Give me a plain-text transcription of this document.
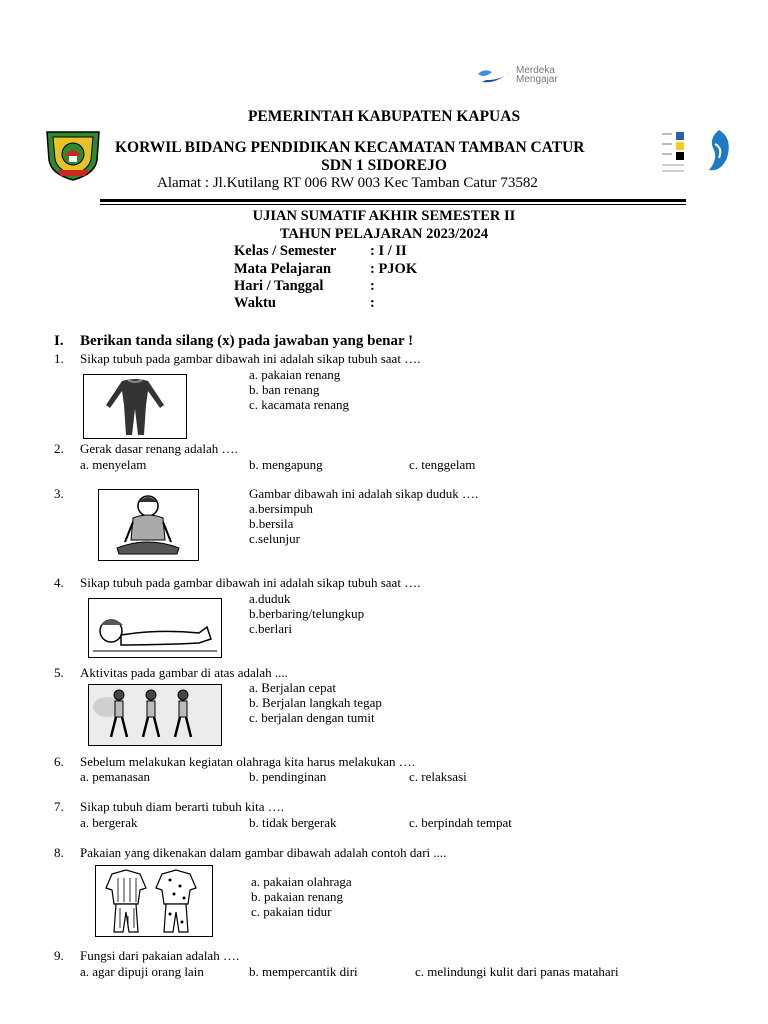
Merdeka
Mengajar
PEMERINTAH KABUPATEN KAPUAS
KORWIL BIDANG PENDIDIKAN KECAMATAN TAMBAN CATUR
SDN 1 SIDOREJO
Alamat : Jl.Kutilang RT 006 RW 003 Kec Tamban Catur 73582
UJIAN SUMATIF AKHIR SEMESTER II
TAHUN PELAJARAN 2023/2024
Kelas / Semester : I / II
Mata Pelajaran	: PJOK
Hari / Tanggal	:
Waktu	:
I. Berikan tanda silang (x) pada jawaban yang benar !
1. Sikap tubuh pada gambar dibawah ini adalah sikap tubuh saat ….
a. pakaian renang
b. ban renang
c. kacamata renang
2. Gerak dasar renang adalah ….
a. menyelam	b. mengapung	c. tenggelam
3.	Gambar dibawah ini adalah sikap duduk ….
a.bersimpuh
b.bersila
c.selunjur
4. Sikap tubuh pada gambar dibawah ini adalah sikap tubuh saat ….
a.duduk
b.berbaring/telungkup
c.berlari
5. Aktivitas pada gambar di atas adalah ....
a. Berjalan cepat
b. Berjalan langkah tegap
c. berjalan dengan tumit
6. Sebelum melakukan kegiatan olahraga kita harus melakukan ….
a. pemanasan	b. pendinginan	c. relaksasi
7. Sikap tubuh diam berarti tubuh kita ….
a. bergerak	b. tidak bergerak	c. berpindah tempat
8. Pakaian yang dikenakan dalam gambar dibawah adalah contoh dari ....
a. pakaian olahraga
b. pakaian renang
c. pakaian tidur
9. Fungsi dari pakaian adalah ….
a. agar dipuji orang lain	b. mempercantik diri	c. melindungi kulit dari panas matahari
